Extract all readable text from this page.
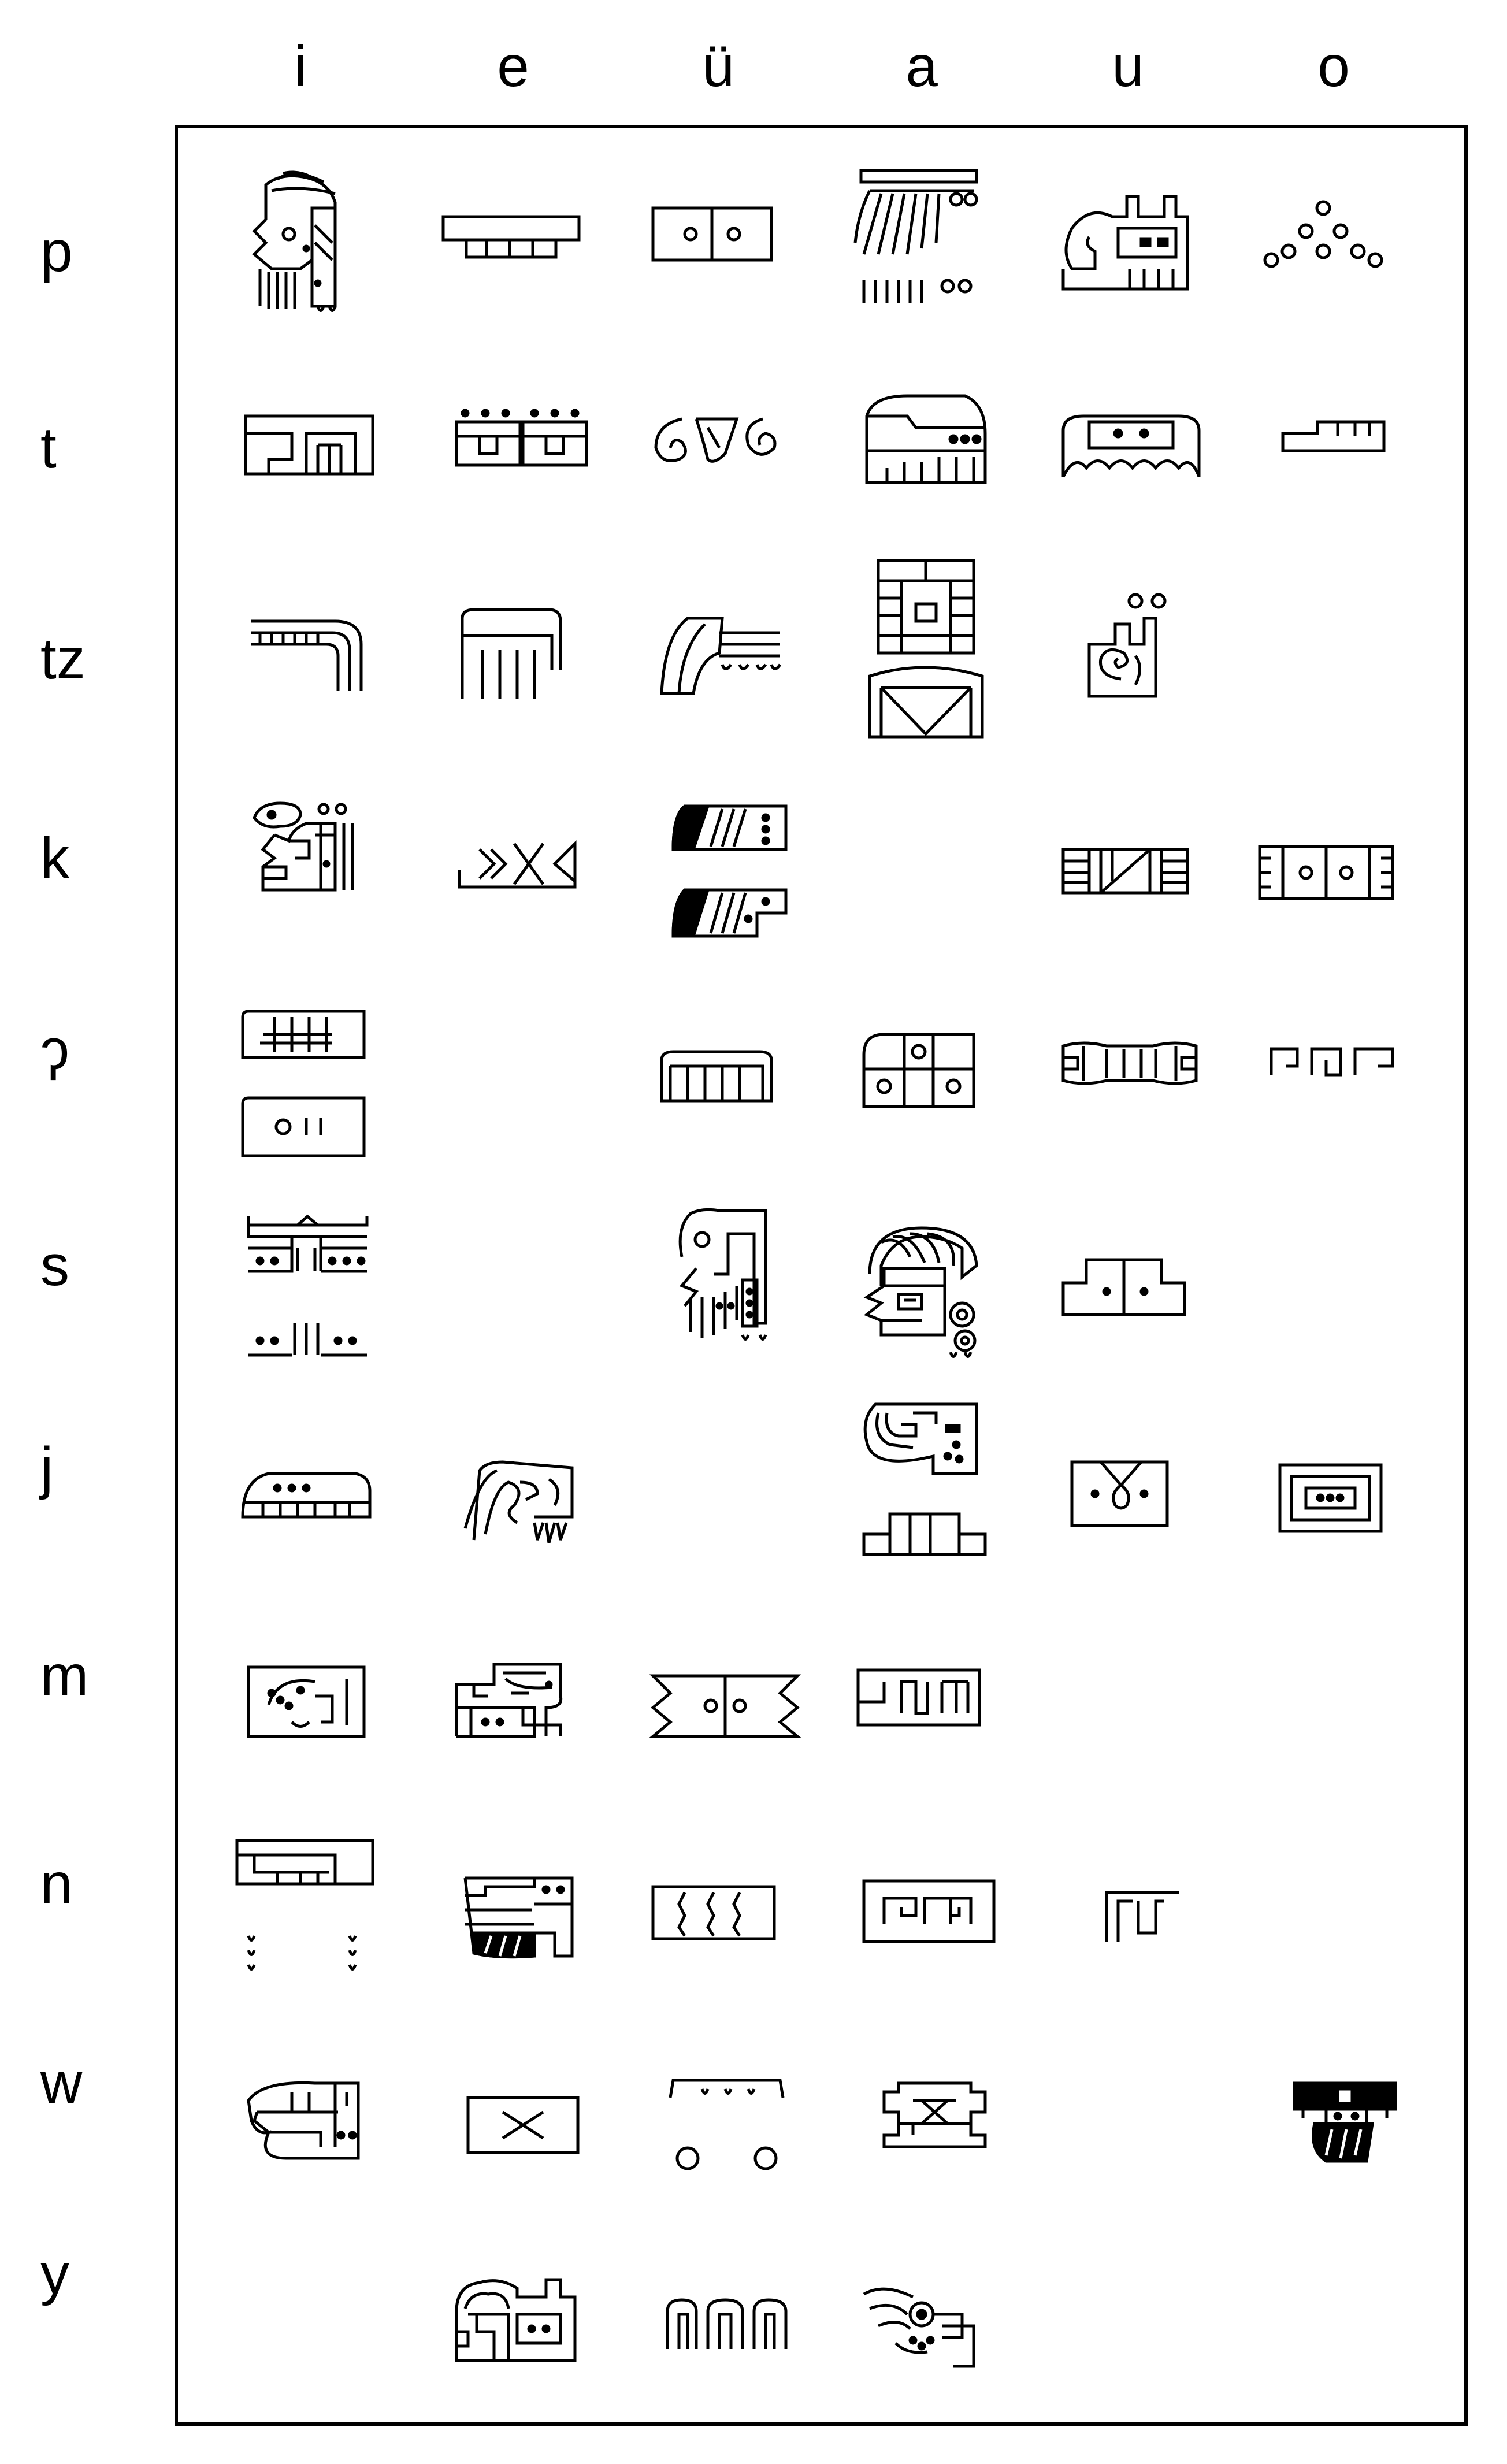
i	e	ü	a	u	o
p
t
tz
k
ʔ
s
j
m
n
w
y
